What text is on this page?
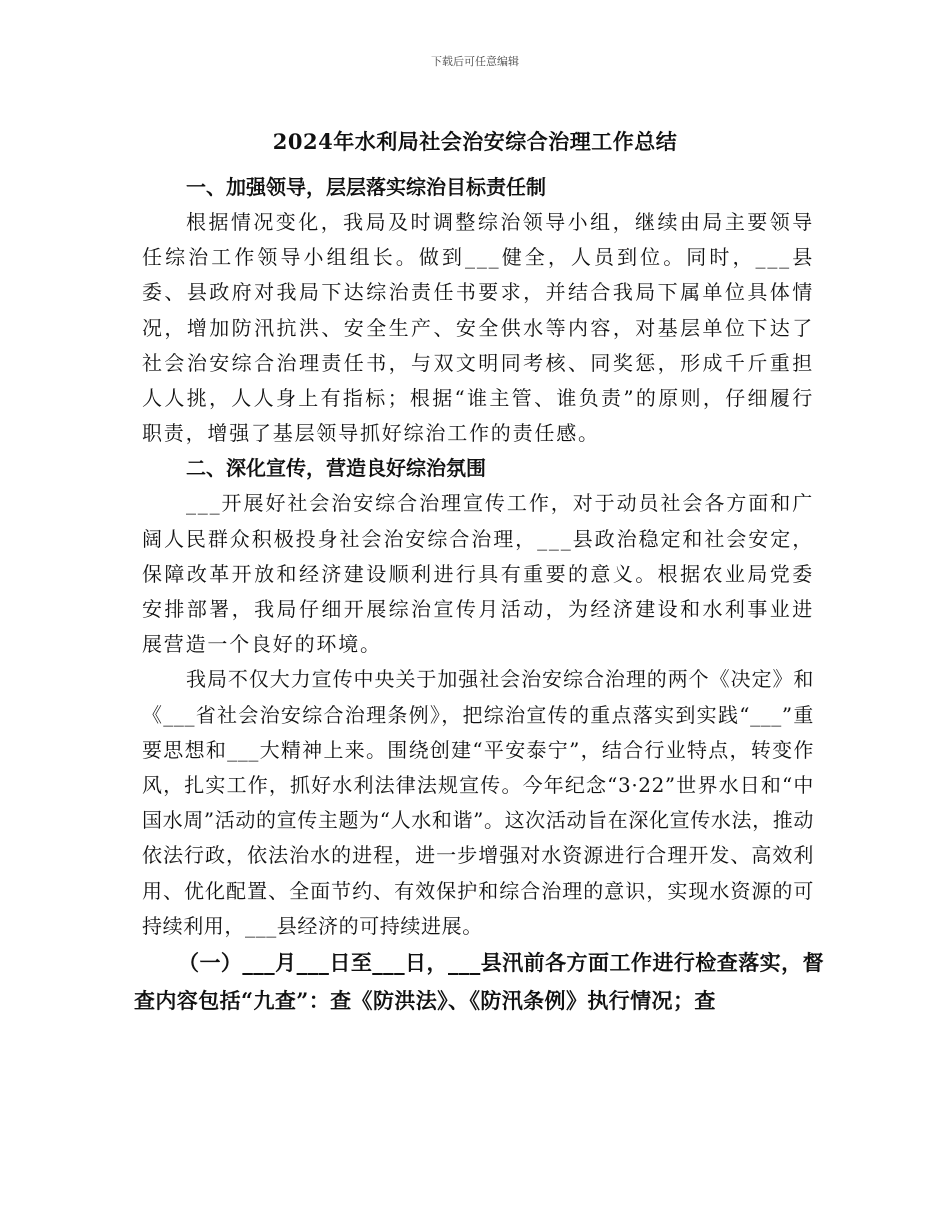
下载后可任意编辑
2024年水利局社会治安综合治理工作总结

一、加强领导，层层落实综治目标责任制

根据情况变化，我局及时调整综治领导小组，继续由局主要领导任综治工作领导小组组长。做到___健全，人员到位。同时，___县委、县政府对我局下达综治责任书要求，并结合我局下属单位具体情况，增加防汛抗洪、安全生产、安全供水等内容，对基层单位下达了社会治安综合治理责任书，与双文明同考核、同奖惩，形成千斤重担人人挑，人人身上有指标；根据“谁主管、谁负责”的原则，仔细履行职责，增强了基层领导抓好综治工作的责任感。

二、深化宣传，营造良好综治氛围

___开展好社会治安综合治理宣传工作，对于动员社会各方面和广阔人民群众积极投身社会治安综合治理，___县政治稳定和社会安定，保障改革开放和经济建设顺利进行具有重要的意义。根据农业局党委安排部署，我局仔细开展综治宣传月活动，为经济建设和水利事业进展营造一个良好的环境。

我局不仅大力宣传中央关于加强社会治安综合治理的两个《决定》和《___省社会治安综合治理条例》，把综治宣传的重点落实到实践“___”重要思想和___大精神上来。围绕创建“平安泰宁”，结合行业特点，转变作风，扎实工作，抓好水利法律法规宣传。今年纪念“3·22”世界水日和“中国水周”活动的宣传主题为“人水和谐”。这次活动旨在深化宣传水法，推动依法行政，依法治水的进程，进一步增强对水资源进行合理开发、高效利用、优化配置、全面节约、有效保护和综合治理的意识，实现水资源的可持续利用，___县经济的可持续进展。

（一）___月___日至___日，___县汛前各方面工作进行检查落实，督查内容包括“九查”：查《防洪法》、《防汛条例》执行情况；查
